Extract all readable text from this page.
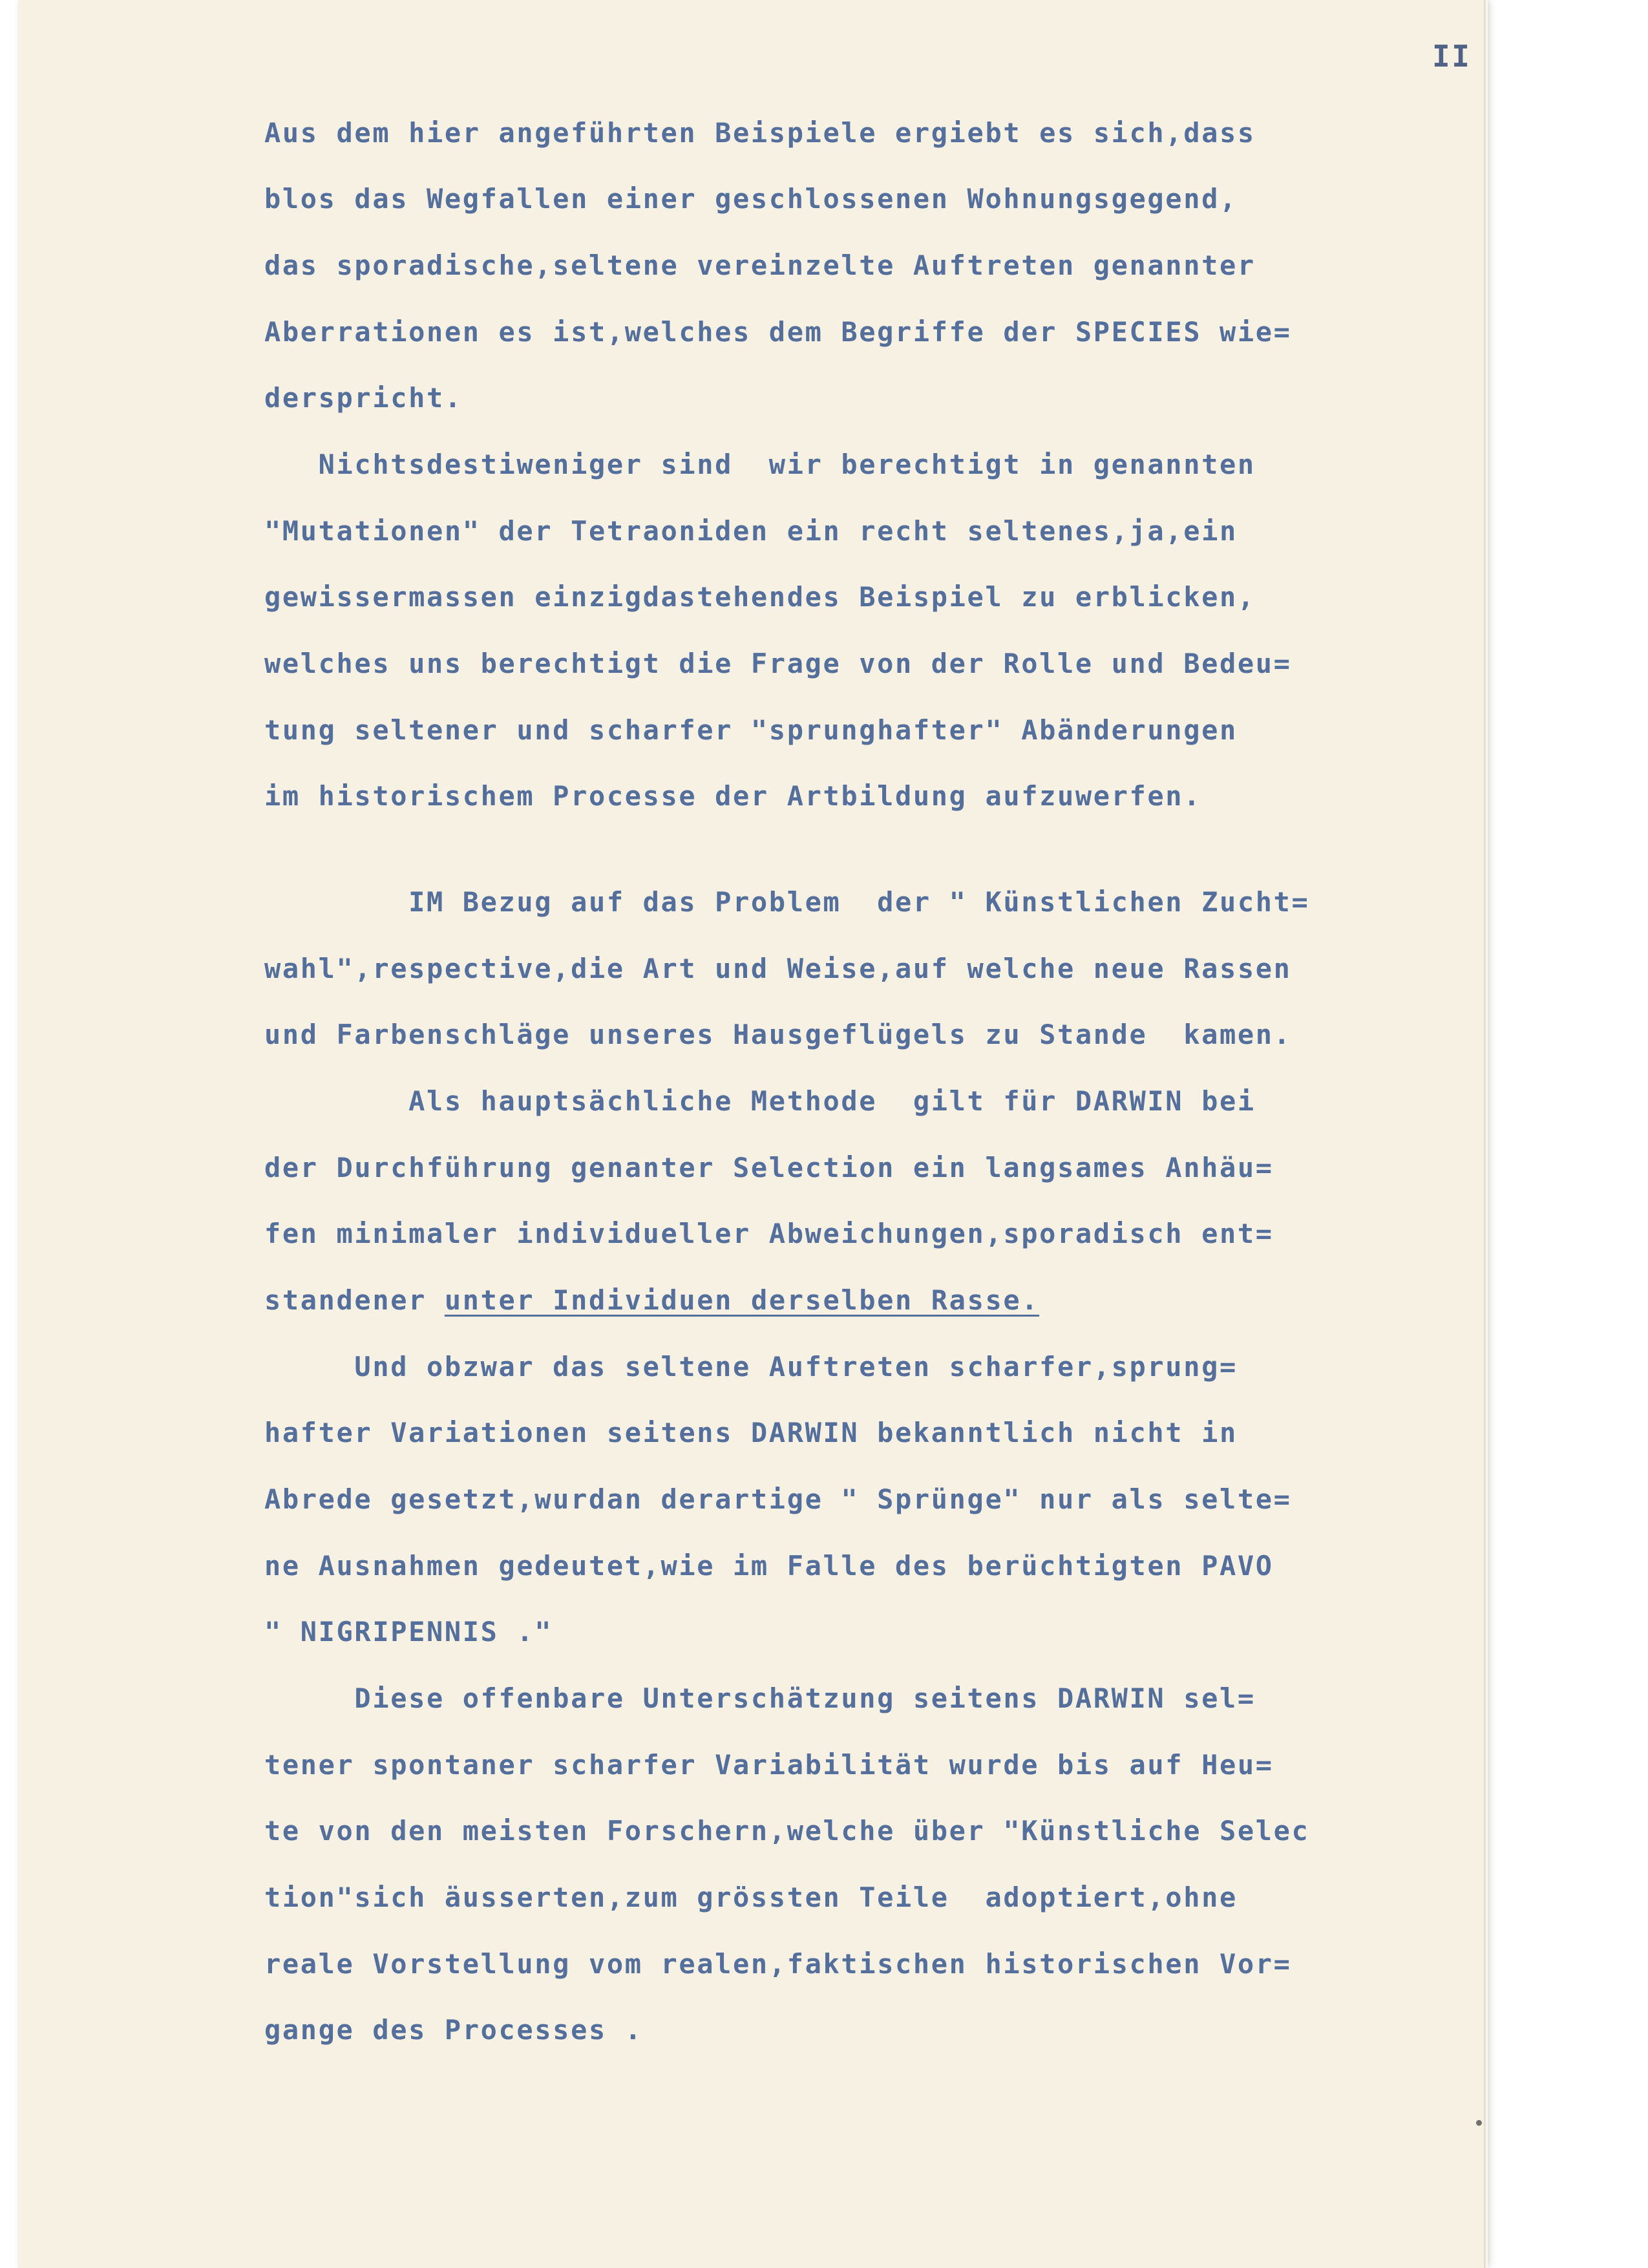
II
Aus dem hier angeführten Beispiele ergiebt es sich,dass
blos das Wegfallen einer geschlossenen Wohnungsgegend,
das sporadische,seltene vereinzelte Auftreten genannter
Aberrationen es ist,welches dem Begriffe der SPECIES wie=
derspricht.
Nichtsdestiweniger sind  wir berechtigt in genannten
"Mutationen" der Tetraoniden ein recht seltenes,ja,ein
gewissermassen einzigdastehendes Beispiel zu erblicken,
welches uns berechtigt die Frage von der Rolle und Bedeu=
tung seltener und scharfer "sprunghafter" Abänderungen
im historischem Processe der Artbildung aufzuwerfen.
IM Bezug auf das Problem  der " Künstlichen Zucht=
wahl",respective,die Art und Weise,auf welche neue Rassen
und Farbenschläge unseres Hausgeflügels zu Stande  kamen.
Als hauptsächliche Methode  gilt für DARWIN bei
der Durchführung genanter Selection ein langsames Anhäu=
fen minimaler individueller Abweichungen,sporadisch ent=
standener unter Individuen derselben Rasse.
Und obzwar das seltene Auftreten scharfer,sprung=
hafter Variationen seitens DARWIN bekanntlich nicht in
Abrede gesetzt,wurdan derartige " Sprünge" nur als selte=
ne Ausnahmen gedeutet,wie im Falle des berüchtigten PAVO
" NIGRIPENNIS ."
Diese offenbare Unterschätzung seitens DARWIN sel=
tener spontaner scharfer Variabilität wurde bis auf Heu=
te von den meisten Forschern,welche über "Künstliche Selec
tion"sich äusserten,zum grössten Teile  adoptiert,ohne
reale Vorstellung vom realen,faktischen historischen Vor=
gange des Processes .
